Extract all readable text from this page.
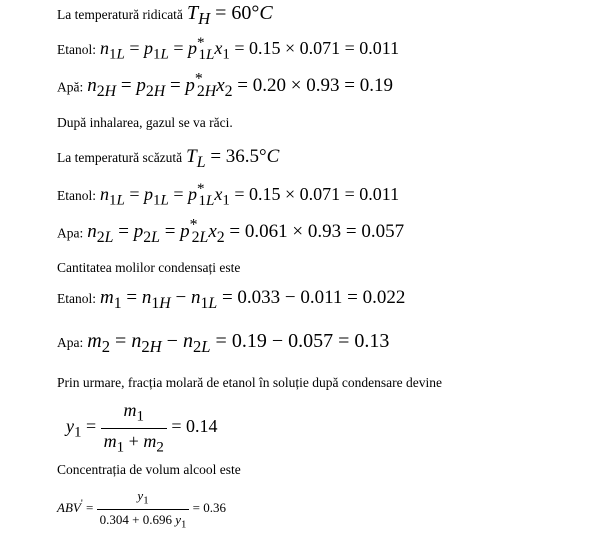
La temperatură ridicată $T_H = 60^\circ C$
Etanol: $n_{1L} = p_{1L} = p^*_{1L}x_1 = 0.15 \times 0.071 = 0.011$
Apă: $n_{2H} = p_{2H} = p^*_{2H}x_2 = 0.20 \times 0.93 = 0.19$
După inhalarea, gazul se va răci.
La temperatură scăzută $T_L = 36.5^\circ C$
Etanol: $n_{1L} = p_{1L} = p^*_{1L}x_1 = 0.15 \times 0.071 = 0.011$
Apa: $n_{2L} = p_{2L} = p^*_{2L}x_2 = 0.061 \times 0.93 = 0.057$
Cantitatea molilor condensați este
Etanol: $m_1 = n_{1H} - n_{1L} = 0.033 - 0.011 = 0.022$
Apa: $m_2 = n_{2H} - n_{2L} = 0.19 - 0.057 = 0.13$
Prin urmare, fracția molară de etanol în soluție după condensare devine
$y_1 = \frac{m_1}{m_1 + m_2} = 0.14$
Concentrația de volum alcool este
$ABV' = \frac{y_1}{0.304 + 0.696 y_1} = 0.36$
